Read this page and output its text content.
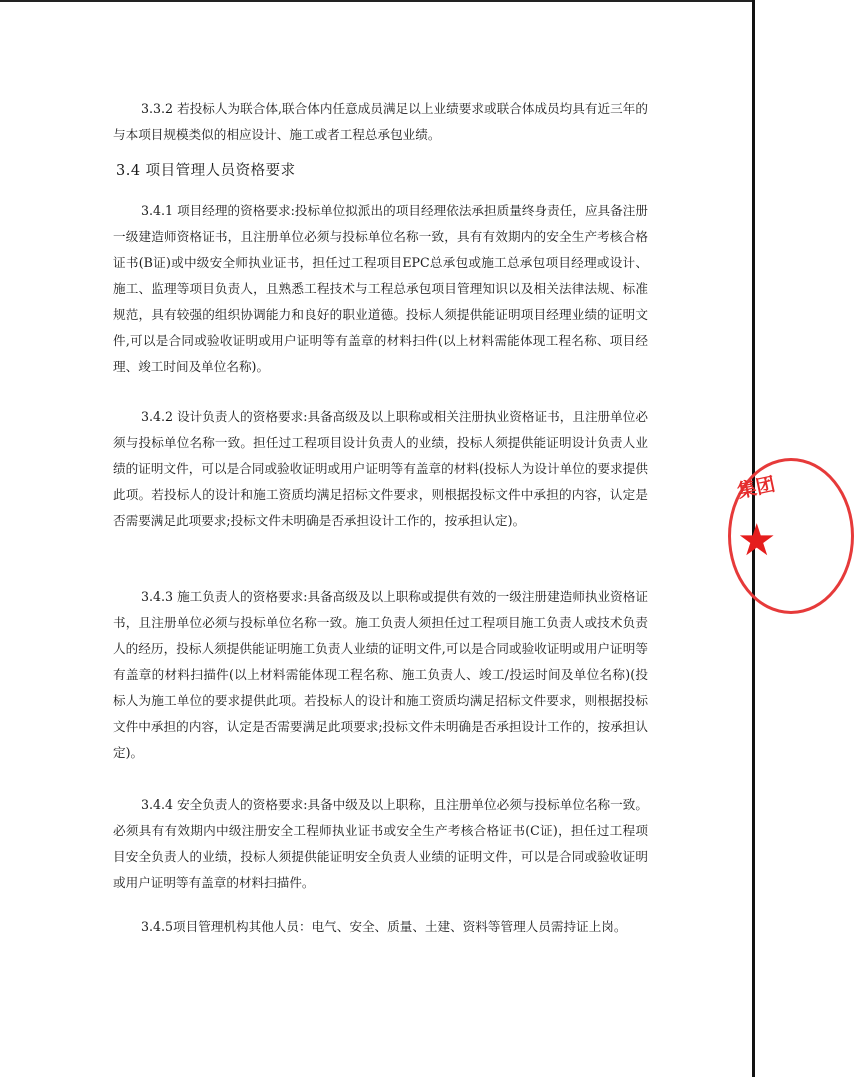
3.3.2 若投标人为联合体,联合体内任意成员满足以上业绩要求或联合体成员均具有近三年的与本项目规模类似的相应设计、施工或者工程总承包业绩。
3.4 项目管理人员资格要求
3.4.1 项目经理的资格要求:投标单位拟派出的项目经理依法承担质量终身责任，应具备注册一级建造师资格证书，且注册单位必须与投标单位名称一致，具有有效期内的安全生产考核合格证书(B证)或中级安全师执业证书，担任过工程项目EPC总承包或施工总承包项目经理或设计、施工、监理等项目负责人，且熟悉工程技术与工程总承包项目管理知识以及相关法律法规、标准规范，具有较强的组织协调能力和良好的职业道德。投标人须提供能证明项目经理业绩的证明文件,可以是合同或验收证明或用户证明等有盖章的材料扫件(以上材料需能体现工程名称、项目经理、竣工时间及单位名称)。
3.4.2 设计负责人的资格要求:具备高级及以上职称或相关注册执业资格证书，且注册单位必须与投标单位名称一致。担任过工程项目设计负责人的业绩，投标人须提供能证明设计负责人业绩的证明文件，可以是合同或验收证明或用户证明等有盖章的材料(投标人为设计单位的要求提供此项。若投标人的设计和施工资质均满足招标文件要求，则根据投标文件中承担的内容，认定是否需要满足此项要求;投标文件未明确是否承担设计工作的，按承担认定)。
3.4.3 施工负责人的资格要求:具备高级及以上职称或提供有效的一级注册建造师执业资格证书，且注册单位必须与投标单位名称一致。施工负责人须担任过工程项目施工负责人或技术负责人的经历，投标人须提供能证明施工负责人业绩的证明文件,可以是合同或验收证明或用户证明等有盖章的材料扫描件(以上材料需能体现工程名称、施工负责人、竣工/投运时间及单位名称)(投标人为施工单位的要求提供此项。若投标人的设计和施工资质均满足招标文件要求，则根据投标文件中承担的内容，认定是否需要满足此项要求;投标文件未明确是否承担设计工作的，按承担认定)。
3.4.4 安全负责人的资格要求:具备中级及以上职称，且注册单位必须与投标单位名称一致。必须具有有效期内中级注册安全工程师执业证书或安全生产考核合格证书(C证)，担任过工程项目安全负责人的业绩，投标人须提供能证明安全负责人业绩的证明文件，可以是合同或验收证明或用户证明等有盖章的材料扫描件。
3.4.5项目管理机构其他人员：电气、安全、质量、土建、资料等管理人员需持证上岗。
集团
★
